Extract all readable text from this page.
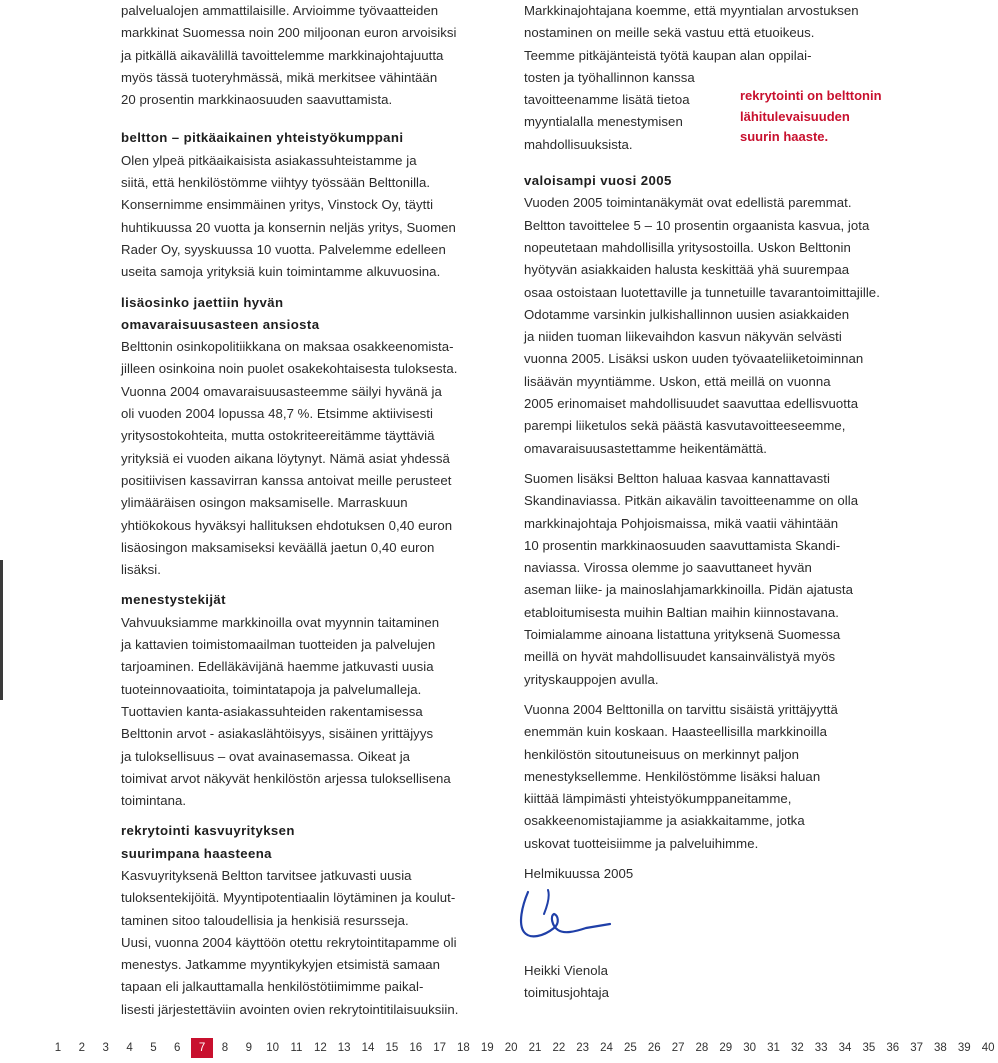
palvelualojen ammattilaisille. Arvioimme työvaatteiden
markkinat Suomessa noin 200 miljoonan euron arvoisiksi
ja pitkällä aikavälillä tavoittelemme markkinajohtajuutta
myös tässä tuoteryhmässä, mikä merkitsee vähintään
20 prosentin markkinaosuuden saavuttamista.
beltton – pitkäaikainen yhteistyökumppani
Olen ylpeä pitkäaikaisista asiakassuhteistamme ja
siitä, että henkilöstömme viihtyy työssään Belttonilla.
Konsernimme ensimmäinen yritys, Vinstock Oy, täytti
huhtikuussa 20 vuotta ja konsernin neljäs yritys, Suomen
Rader Oy, syyskuussa 10 vuotta. Palvelemme edelleen
useita samoja yrityksiä kuin toimintamme alkuvuosina.
lisäosinko jaettiin hyvän
omavaraisuusasteen ansiosta
Belttonin osinkopolitiikkana on maksaa osakkeenomista-
jilleen osinkoina noin puolet osakekohtaisesta tuloksesta.
Vuonna 2004 omavaraisuusasteemme säilyi hyvänä ja
oli vuoden 2004 lopussa 48,7 %. Etsimme aktiivisesti
yritysostokohteita, mutta ostokriteereitämme täyttäviä
yrityksiä ei vuoden aikana löytynyt. Nämä asiat yhdessä
positiivisen kassavirran kanssa antoivat meille perusteet
ylimääräisen osingon maksamiselle. Marraskuun
yhtiökokous hyväksyi hallituksen ehdotuksen 0,40 euron
lisäosingon maksamiseksi keväällä jaetun 0,40 euron
lisäksi.
menestystekijät
Vahvuuksiamme markkinoilla ovat myynnin taitaminen
ja kattavien toimistomaailman tuotteiden ja palvelujen
tarjoaminen. Edelläkävijänä haemme jatkuvasti uusia
tuoteinnovaatioita, toimintatapoja ja palvelumalleja.
Tuottavien kanta-asiakassuhteiden rakentamisessa
Belttonin arvot - asiakaslähtöisyys, sisäinen yrittäjyys
ja tuloksellisuus – ovat avainasemassa. Oikeat ja
toimivat arvot näkyvät henkilöstön arjessa tuloksellisena
toimintana.
rekrytointi kasvuyrityksen
suurimpana haasteena
Kasvuyrityksenä Beltton tarvitsee jatkuvasti uusia
tuloksentekijöitä. Myyntipotentiaalin löytäminen ja koulut-
taminen sitoo taloudellisia ja henkisiä resursseja.
Uusi, vuonna 2004 käyttöön otettu rekrytointitapamme oli
menestys. Jatkamme myyntikykyjen etsimistä samaan
tapaan eli jalkauttamalla henkilöstötiimimme paikal-
lisesti järjestettäviin avointen ovien rekrytointitilaisuuksiin.
Markkinajohtajana koemme, että myyntialan arvostuksen
nostaminen on meille sekä vastuu että etuoikeus.
Teemme pitkäjänteistä työtä kaupan alan oppilai-
tosten ja työhallinnon kanssa
tavoitteenamme lisätä tietoa
myyntialalla menestymisen
mahdollisuuksista.
valoisampi vuosi 2005
Vuoden 2005 toimintanäkymät ovat edellistä paremmat.
Beltton tavoittelee 5 – 10 prosentin orgaanista kasvua, jota
nopeutetaan mahdollisilla yritysostoilla. Uskon Belttonin
hyötyvän asiakkaiden halusta keskittää yhä suurempaa
osaa ostoistaan luotettaville ja tunnetuille tavarantoimittajille.
Odotamme varsinkin julkishallinnon uusien asiakkaiden
ja niiden tuoman liikevaihdon kasvun näkyvän selvästi
vuonna 2005. Lisäksi uskon uuden työvaateliiketoiminnan
lisäävän myyntiämme. Uskon, että meillä on vuonna
2005 erinomaiset mahdollisuudet saavuttaa edellisvuotta
parempi liiketulos sekä päästä kasvutavoitteeseemme,
omavaraisuusastettamme heikentämättä.
Suomen lisäksi Beltton haluaa kasvaa kannattavasti
Skandinaviassa. Pitkän aikavälin tavoitteenamme on olla
markkinajohtaja Pohjoismaissa, mikä vaatii vähintään
10 prosentin markkinaosuuden saavuttamista Skandi-
naviassa. Virossa olemme jo saavuttaneet hyvän
aseman liike- ja mainoslahjamarkkinoilla. Pidän ajatusta
etabloitumisesta muihin Baltian maihin kiinnostavana.
Toimialamme ainoana listattuna yrityksenä Suomessa
meillä on hyvät mahdollisuudet kansainvälistyä myös
yrityskauppojen avulla.
Vuonna 2004 Belttonilla on tarvittu sisäistä yrittäjyyttä
enemmän kuin koskaan. Haasteellisilla markkinoilla
henkilöstön sitoutuneisuus on merkinnyt paljon
menestyksellemme. Henkilöstömme lisäksi haluan
kiittää lämpimästi yhteistyökumppaneitamme,
osakkeenomistajiamme ja asiakkaitamme, jotka
uskovat tuotteisiimme ja palveluihimme.
Helmikuussa 2005
rekrytointi on belttonin
lähitulevaisuuden
suurin haaste.
Heikki Vienola
toimitusjohtaja
1	2	3	4	5	6	7	8	9	10 11 12 13 14 15 16 17 18 19 20 21 22 23 24 25 26 27 28 29 30 31 32 33 34 35 36 37 38 39 40
